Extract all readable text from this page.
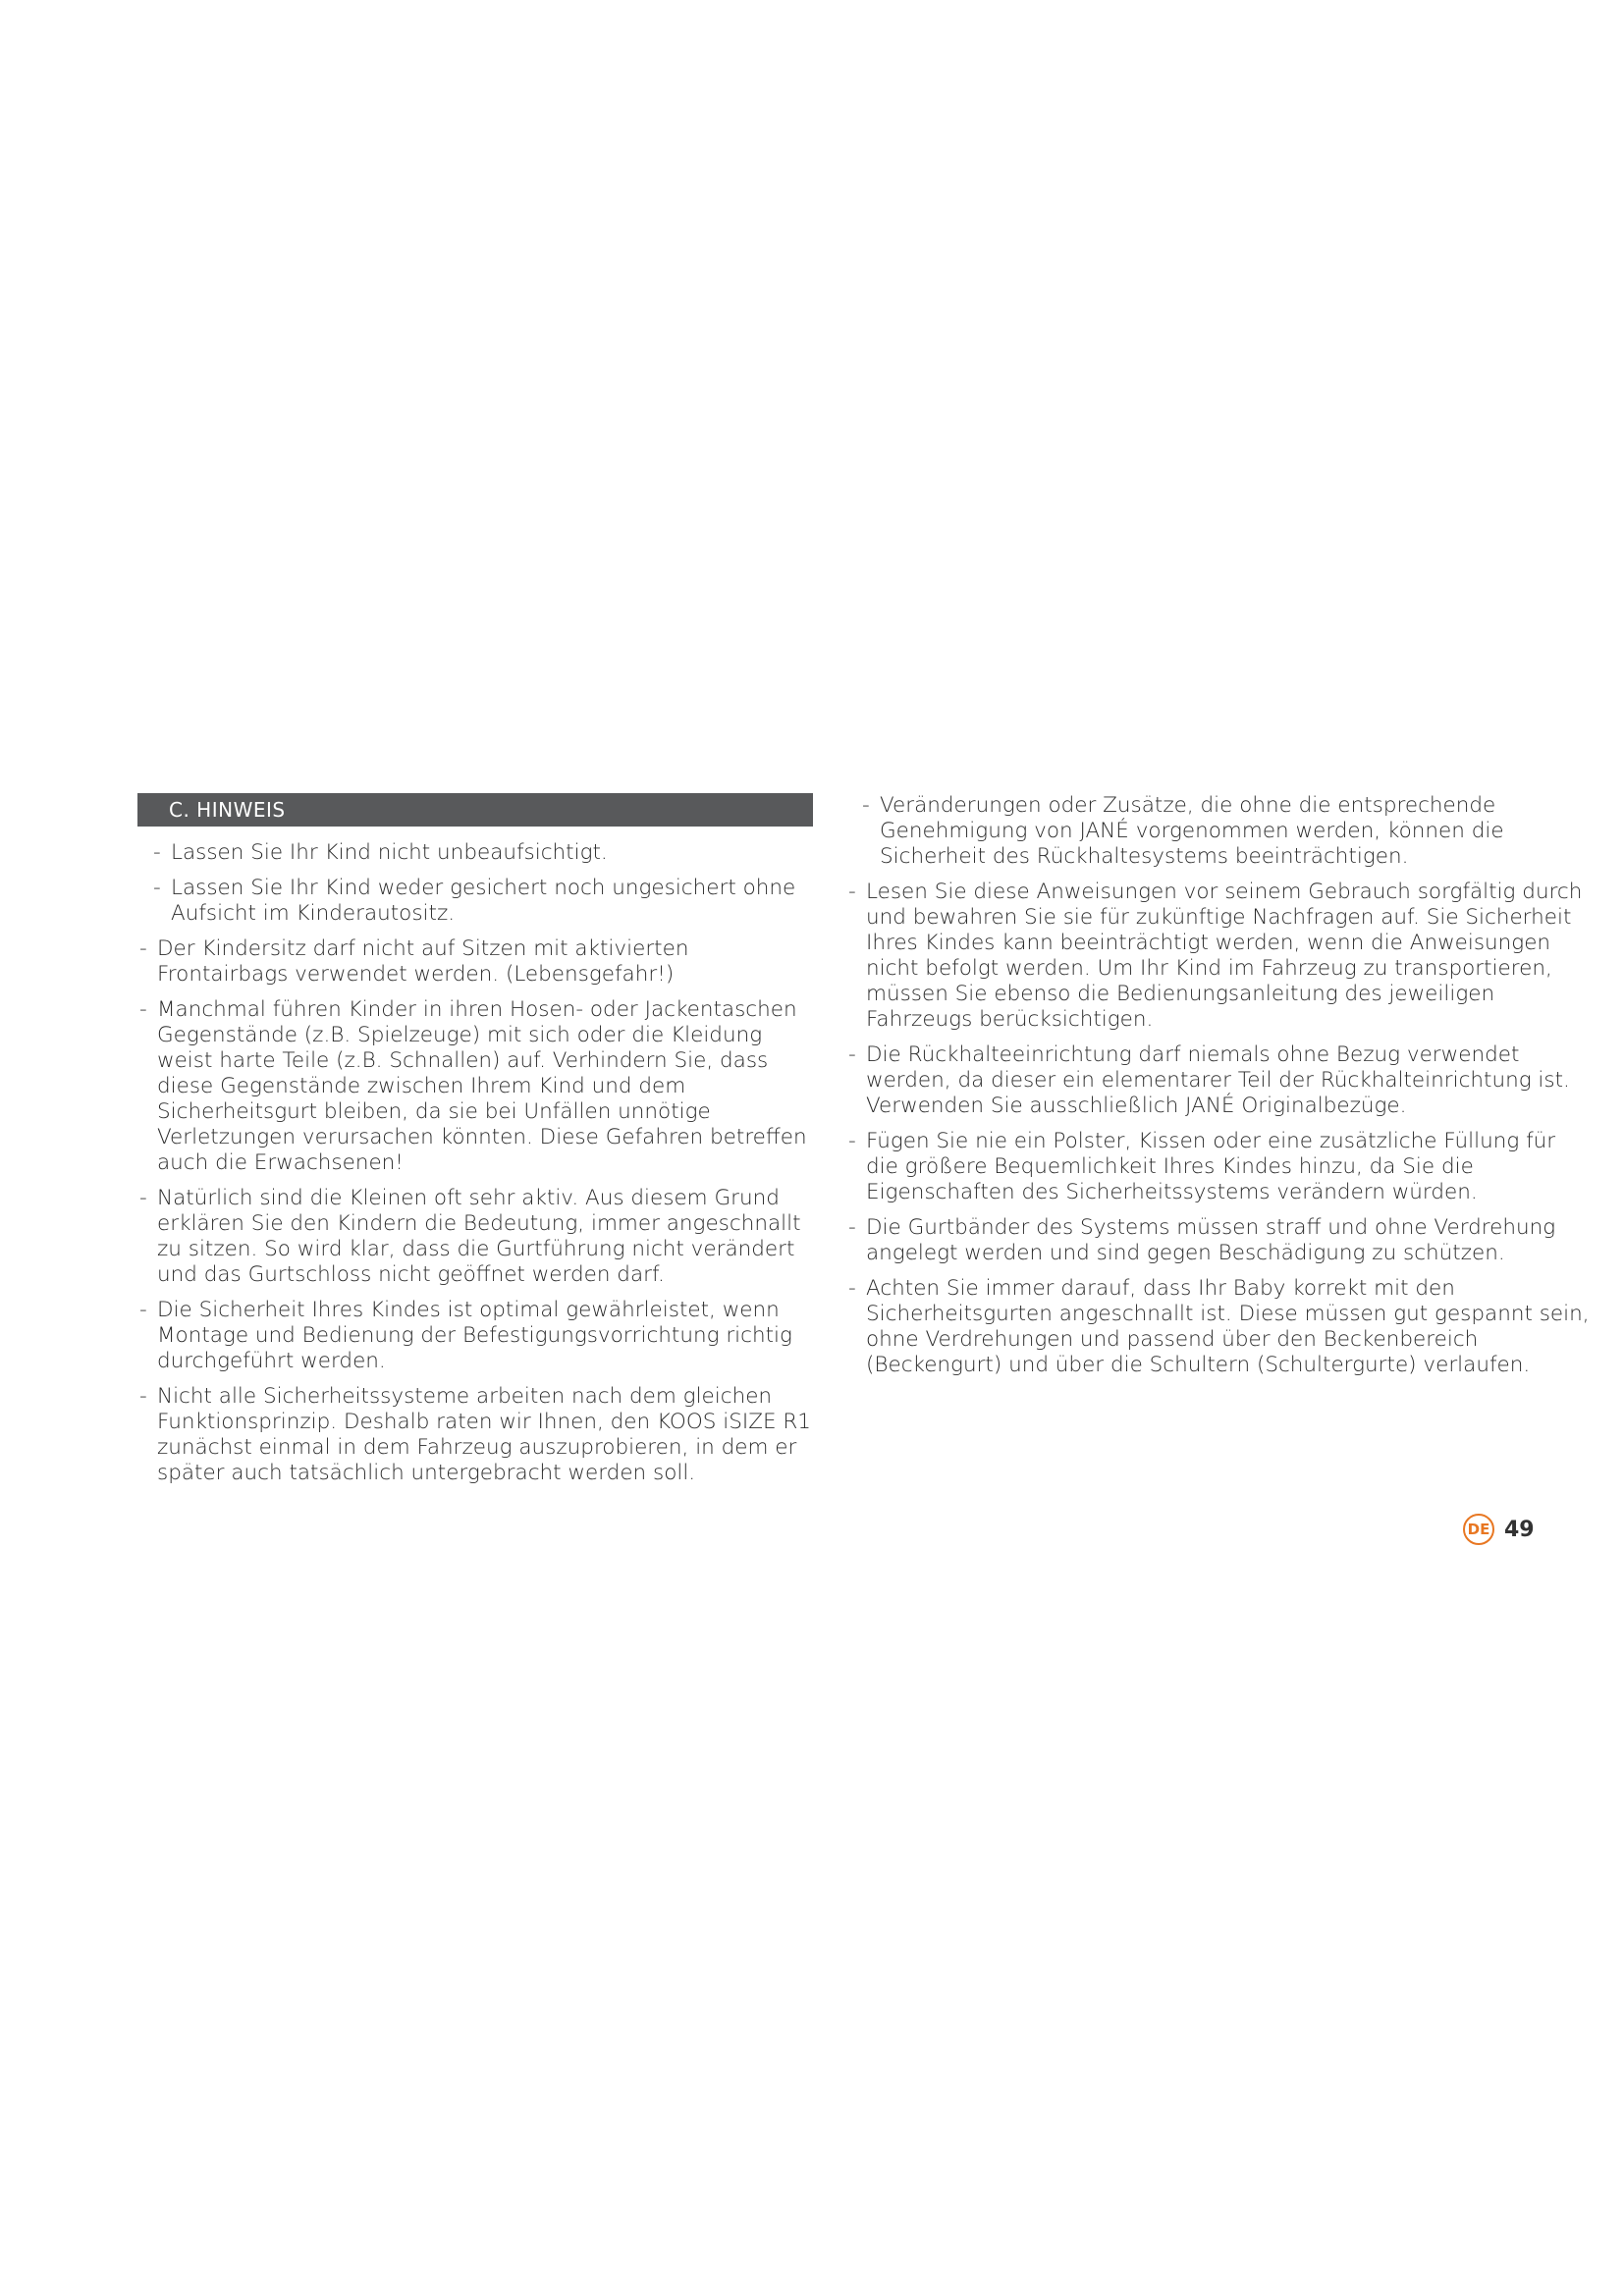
C. HINWEIS
- Lassen Sie Ihr Kind nicht unbeaufsichtigt.
- Lassen Sie Ihr Kind weder gesichert noch ungesichert ohne Aufsicht im Kinderautositz.
- Der Kindersitz darf nicht auf Sitzen mit aktivierten Frontairbags verwendet werden. (Lebensgefahr!)
- Manchmal führen Kinder in ihren Hosen- oder Jackentaschen Gegenstände (z.B. Spielzeuge) mit sich oder die Kleidung weist harte Teile (z.B. Schnallen) auf. Verhindern Sie, dass diese Gegenstände zwischen Ihrem Kind und dem Sicherheitsgurt bleiben, da sie bei Unfällen unnötige Verletzungen verursachen könnten. Diese Gefahren betreffen auch die Erwachsenen!
- Natürlich sind die Kleinen oft sehr aktiv. Aus diesem Grund erklären Sie den Kindern die Bedeutung, immer angeschnallt zu sitzen. So wird klar, dass die Gurtführung nicht verändert und das Gurtschloss nicht geöffnet werden darf.
- Die Sicherheit Ihres Kindes ist optimal gewährleistet, wenn Montage und Bedienung der Befestigungsvorrichtung richtig durchgeführt werden.
- Nicht alle Sicherheitssysteme arbeiten nach dem gleichen Funktionsprinzip. Deshalb raten wir Ihnen, den KOOS iSIZE R1 zunächst einmal in dem Fahrzeug auszuprobieren, in dem er später auch tatsächlich untergebracht werden soll.
- Veränderungen oder Zusätze, die ohne die entsprechende Genehmigung von JANÉ vorgenommen werden, können die Sicherheit des Rückhaltesystems beeinträchtigen.
- Lesen Sie diese Anweisungen vor seinem Gebrauch sorgfältig durch und bewahren Sie sie für zukünftige Nachfragen auf. Sie Sicherheit Ihres Kindes kann beeinträchtigt werden, wenn die Anweisungen nicht befolgt werden. Um Ihr Kind im Fahrzeug zu transportieren, müssen Sie ebenso die Bedienungsanleitung des jeweiligen Fahrzeugs berücksichtigen.
- Die Rückhalteeinrichtung darf niemals ohne Bezug verwendet werden, da dieser ein elementarer Teil der Rückhalteinrichtung ist. Verwenden Sie ausschließlich JANÉ Originalbezüge.
- Fügen Sie nie ein Polster, Kissen oder eine zusätzliche Füllung für die größere Bequemlichkeit Ihres Kindes hinzu, da Sie die Eigenschaften des Sicherheitssystems verändern würden.
- Die Gurtbänder des Systems müssen straff und ohne Verdrehung angelegt werden und sind gegen Beschädigung zu schützen.
- Achten Sie immer darauf, dass Ihr Baby korrekt mit den Sicherheitsgurten angeschnallt ist. Diese müssen gut gespannt sein, ohne Verdrehungen und passend über den Beckenbereich (Beckengurt) und über die Schultern (Schultergurte) verlaufen.
DE 49
